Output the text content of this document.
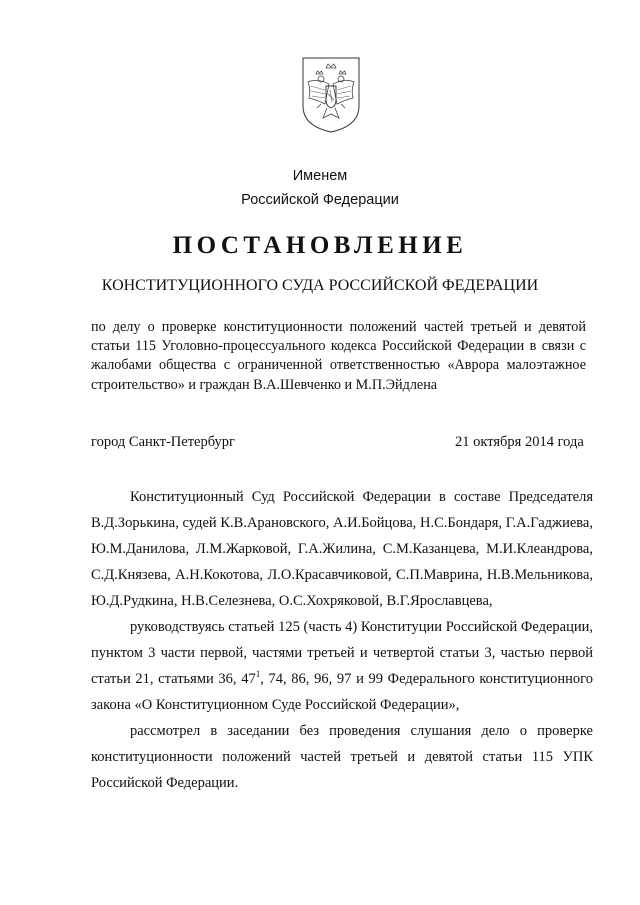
Именем
Российской Федерации
ПОСТАНОВЛЕНИЕ
КОНСТИТУЦИОННОГО СУДА РОССИЙСКОЙ ФЕДЕРАЦИИ
по делу о проверке конституционности положений частей третьей и девятой статьи 115 Уголовно-процессуального кодекса Российской Федерации в связи с жалобами общества с ограниченной ответственностью «Аврора малоэтажное строительство» и граждан В.А.Шевченко и М.П.Эйдлена
город Санкт-Петербург	21 октября 2014 года

Конституционный Суд Российской Федерации в составе Председателя В.Д.Зорькина, судей К.В.Арановского, А.И.Бойцова, Н.С.Бондаря, Г.А.Гаджиева, Ю.М.Данилова, Л.М.Жарковой, Г.А.Жилина, С.М.Казанцева, М.И.Клеандрова, С.Д.Князева, А.Н.Кокотова, Л.О.Красавчиковой, С.П.Маврина, Н.В.Мельникова, Ю.Д.Рудкина, Н.В.Селезнева, О.С.Хохряковой, В.Г.Ярославцева,

руководствуясь статьей 125 (часть 4) Конституции Российской Федерации, пунктом 3 части первой, частями третьей и четвертой статьи 3, частью первой статьи 21, статьями 36, $47^1$, 74, 86, 96, 97 и 99 Федерального конституционного закона «О Конституционном Суде Российской Федерации»,

рассмотрел в заседании без проведения слушания дело о проверке конституционности положений частей третьей и девятой статьи 115 УПК Российской Федерации.
